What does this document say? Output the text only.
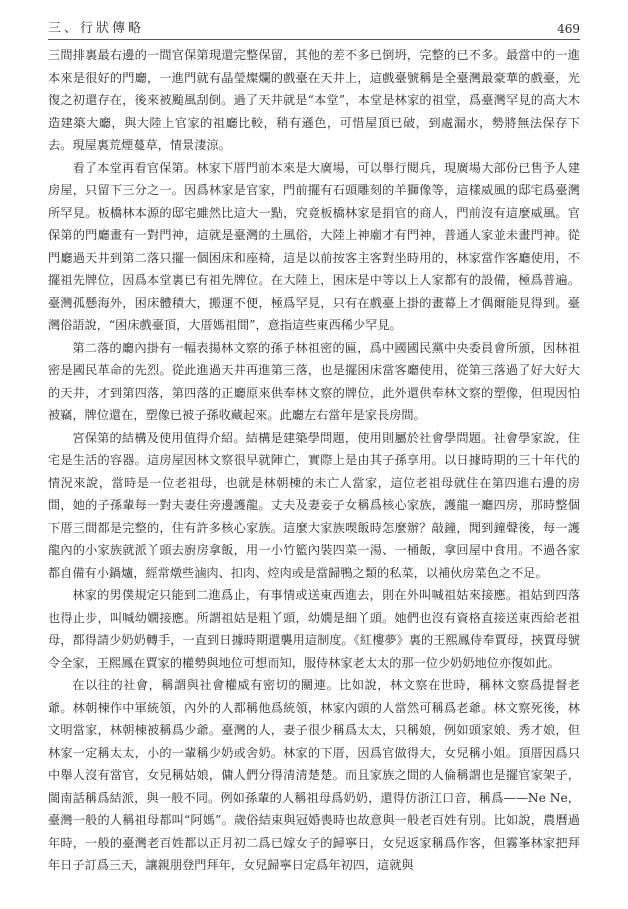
三、行狀傳略	469

三間排裏最右邊的一間官保第現還完整保留，其他的差不多已倒坍，完整的已不多。最當中的一進本來是很好的門廳，一進門就有晶瑩燦爛的戲臺在天井上，這戲臺號稱是全臺灣最豪華的戲臺，光復之初還存在，後來被颱風刮倒。過了天井就是“本堂”，本堂是林家的祖堂，爲臺灣罕見的高大木造建築大廳，與大陸上官家的祖廳比較，稍有遜色，可惜屋頂已破，到處漏水，勢將無法保存下去。現屋裏荒煙蔓草，情景淒涼。

看了本堂再看官保第。林家下厝門前本來是大廣場，可以舉行閱兵，現廣場大部份已售予人建房屋，只留下三分之一。因爲林家是官家，門前擺有石頭雕刻的羊獅像等，這樣威風的邸宅爲臺灣所罕見。板橋林本源的邸宅雖然比這大一點，究竟板橋林家是捐官的商人，門前沒有這麼威風。官保第的門廳畫有一對門神，這就是臺灣的土風俗，大陸上神廟才有門神，普通人家並未畫門神。從門廳過天井到第二落只擺一個困床和座椅，這是以前按客主客對坐時用的，林家當作客廳使用，不擺祖先牌位，因爲本堂裏已有祖先牌位。在大陸上，困床是中等以上人家都有的設備，極爲普遍。臺灣孤懸海外，困床體積大，搬運不便，極爲罕見，只有在戲臺上掛的畫幕上才偶爾能見得到。臺灣俗語說，“困床戲臺頂，大厝媽祖間”，意指這些東西稀少罕見。

第二落的廳內掛有一幅表揚林文察的孫子林祖密的匾，爲中國國民黨中央委員會所頒，因林祖密是國民革命的先烈。從此進過天井再進第三落，也是擺困床當客廳使用，從第三落過了好大好大的天井，才到第四落，第四落的正廳原來供奉林文察的牌位，此外還供奉林文察的塑像，但現因怕被竊，牌位還在，塑像已被子孫收藏起來。此廳左右當年是家長房間。

宮保第的結構及使用值得介紹。結構是建築學問題，使用則屬於社會學問題。社會學家說，住宅是生活的容器。這房屋因林文察很早就陣亡，實際上是由其子孫享用。以日據時期的三十年代的情況來說，當時是一位老祖母，也就是林朝棟的未亡人當家，這位老祖母就住在第四進右邊的房間，她的子孫輩每一對夫妻住旁邊護龍。丈夫及妻妾子女稱爲核心家族，護龍一廳四房，那時整個下厝三間都是完整的，住有許多核心家族。這麼大家族喫飯時怎麼辦？敲鐘，聞到鐘聲後，每一護龍內的小家族就派丫頭去廚房拿飯，用一小竹籃內裝四菜一湯、一桶飯，拿回屋中食用。不過各家都自備有小鍋爐，經常燉些滷肉、扣肉、焢肉或是當歸鴨之類的私菜，以補伙房菜色之不足。

林家的男僕規定只能到二進爲止，有事情或送東西進去，則在外叫喊祖姑來接應。祖姑到四落也得止步，叫喊幼嫺接應。所謂祖姑是粗丫頭，幼嫺是細丫頭。她們也沒有資格直接送東西給老祖母，都得請少奶奶轉手，一直到日據時期還襲用這制度。《紅樓夢》裏的王熙鳳侍奉賈母，挾賈母號令全家，王熙鳳在賈家的權勢與地位可想而知，服侍林家老太太的那一位少奶奶地位亦復如此。

在以往的社會，稱謂與社會權威有密切的關連。比如說，林文察在世時，稱林文察爲提督老爺。林朝棟作中軍統領，內外的人都稱他爲統領，林家內頭的人當然可稱爲老爺。林文察死後，林文明當家，林朝棟被稱爲少爺。臺灣的人，妻子很少稱爲太太，只稱娘，例如頭家娘、秀才娘，但林家一定稱太太，小的一輩稱少奶或舍奶。林家的下厝，因爲官做得大，女兒稱小姐。頂厝因爲只中舉人沒有當官，女兒稱姑娘，傭人們分得清清楚楚。而且家族之間的人倫稱謂也是擺官家架子，閩南話稱爲結派，與一般不同。例如孫輩的人稱祖母爲奶奶，還得仿浙江口音，稱爲——Ne Ne，臺灣一般的人稱祖母都叫“阿媽”。歲俗結束與冠婚喪時也故意與一般老百姓有別。比如說，農曆過年時，一般的臺灣老百姓都以正月初二爲已嫁女子的歸寧日，女兒返家稱爲作客，但霧峯林家把拜年日子訂爲三天，讓親朋登門拜年，女兒歸寧日定爲年初四，這就與
